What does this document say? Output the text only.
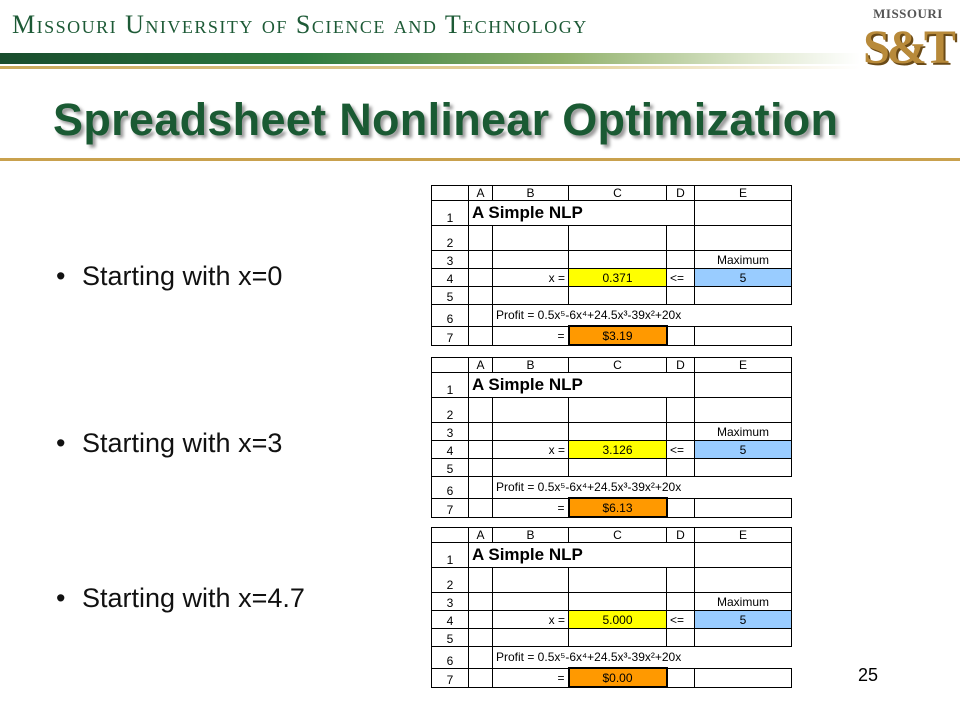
Missouri University of Science and Technology	MISSOURI
S&T
Spreadsheet Nonlinear Optimization
• Starting with x=0
• Starting with x=3
• Starting with x=4.7
	A	B	C	D	E
1	A Simple NLP				
2					
3					Maximum
4		x =	0.371	<=	5
5					
6		Profit = 0.5x⁵-6x⁴+24.5x³-39x²+20x			
7		=	$3.19		
	A	B	C	D	E
1	A Simple NLP				
2					
3					Maximum
4		x =	3.126	<=	5
5					
6		Profit = 0.5x⁵-6x⁴+24.5x³-39x²+20x			
7		=	$6.13		
	A	B	C	D	E
1	A Simple NLP				
2					
3					Maximum
4		x =	5.000	<=	5
5					
6		Profit = 0.5x⁵-6x⁴+24.5x³-39x²+20x			
7		=	$0.00			25
